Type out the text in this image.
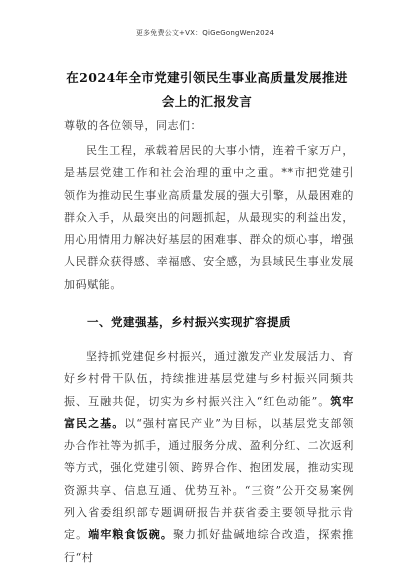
更多免费公文+VX：QiGeGongWen2024
在2024年全市党建引领民生事业高质量发展推进会上的汇报发言
尊敬的各位领导，同志们：
民生工程，承载着居民的大事小情，连着千家万户，是基层党建工作和社会治理的重中之重。**市把党建引领作为推动民生事业高质量发展的强大引擎，从最困难的群众入手，从最突出的问题抓起，从最现实的利益出发，用心用情用力解决好基层的困难事、群众的烦心事，增强人民群众获得感、幸福感、安全感，为县域民生事业发展加码赋能。
一、党建强基，乡村振兴实现扩容提质
坚持抓党建促乡村振兴，通过激发产业发展活力、育好乡村骨干队伍，持续推进基层党建与乡村振兴同频共振、互融共促，切实为乡村振兴注入“红色动能”。筑牢富民之基。以“强村富民产业”为目标，以基层党支部领办合作社等为抓手，通过服务分成、盈利分红、二次返利等方式，强化党建引领、跨界合作、抱团发展，推动实现资源共享、信息互通、优势互补。“三资”公开交易案例列入省委组织部专题调研报告并获省委主要领导批示肯定。端牢粮食饭碗。聚力抓好盐碱地综合改造，探索推行“村
